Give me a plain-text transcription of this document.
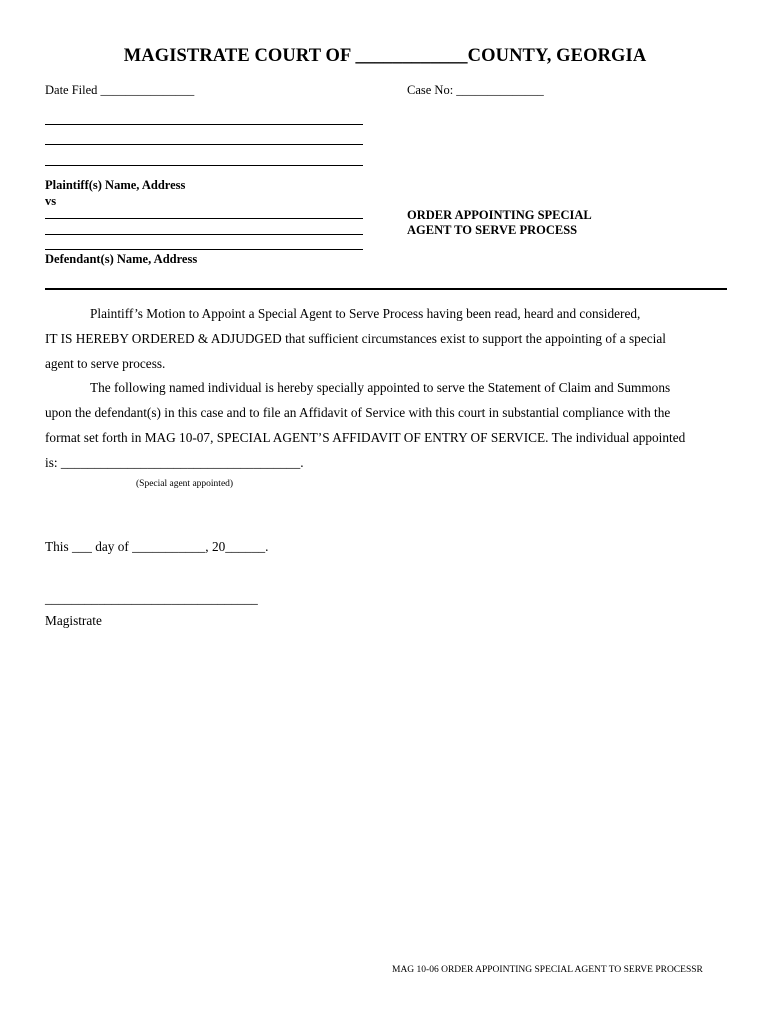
MAGISTRATE COURT OF ____________COUNTY, GEORGIA
Date Filed _______________	Case No: ______________
Plaintiff(s) Name, Address
vs
Defendant(s) Name, Address
ORDER APPOINTING SPECIAL
AGENT TO SERVE PROCESS
Plaintiff’s Motion to Appoint a Special Agent to Serve Process having been read, heard and considered,
IT IS HEREBY ORDERED & ADJUDGED that sufficient circumstances exist to support the appointing of a special
agent to serve process.
The following named individual is hereby specially appointed to serve the Statement of Claim and Summons
upon the defendant(s) in this case and to file an Affidavit of Service with this court in substantial compliance with the
format set forth in MAG 10-07, SPECIAL AGENT’S AFFIDAVIT OF ENTRY OF SERVICE. The individual appointed
is: ____________________________________.
(Special agent appointed)
This ___ day of ___________, 20______.
________________________________
Magistrate
MAG 10-06 ORDER APPOINTING SPECIAL AGENT TO SERVE PROCESSR
